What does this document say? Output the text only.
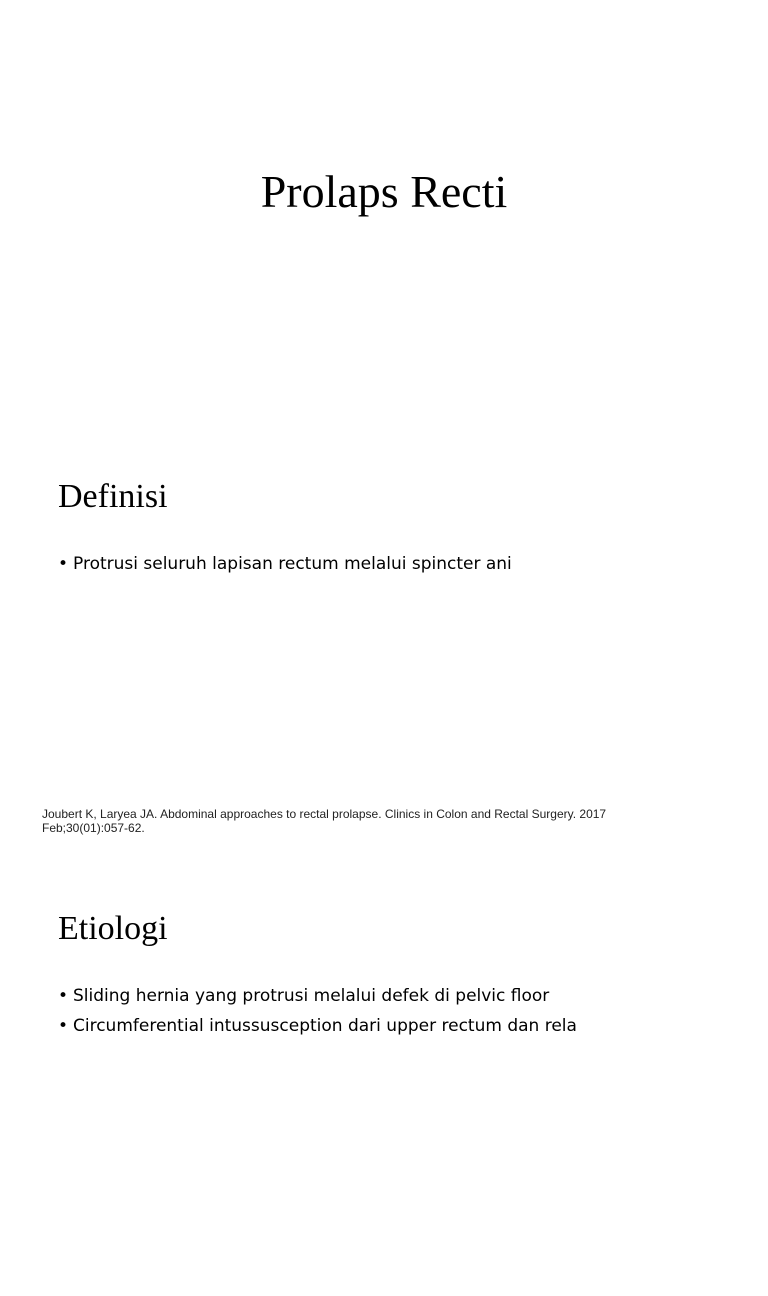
Prolaps Recti
Definisi
• Protrusi seluruh lapisan rectum melalui spincter ani
Joubert K, Laryea JA. Abdominal approaches to rectal prolapse. Clinics in Colon and Rectal Surgery. 2017
Feb;30(01):057-62.
Etiologi
• Sliding hernia yang protrusi melalui defek di pelvic floor
• Circumferential intussusception dari upper rectum dan rela
